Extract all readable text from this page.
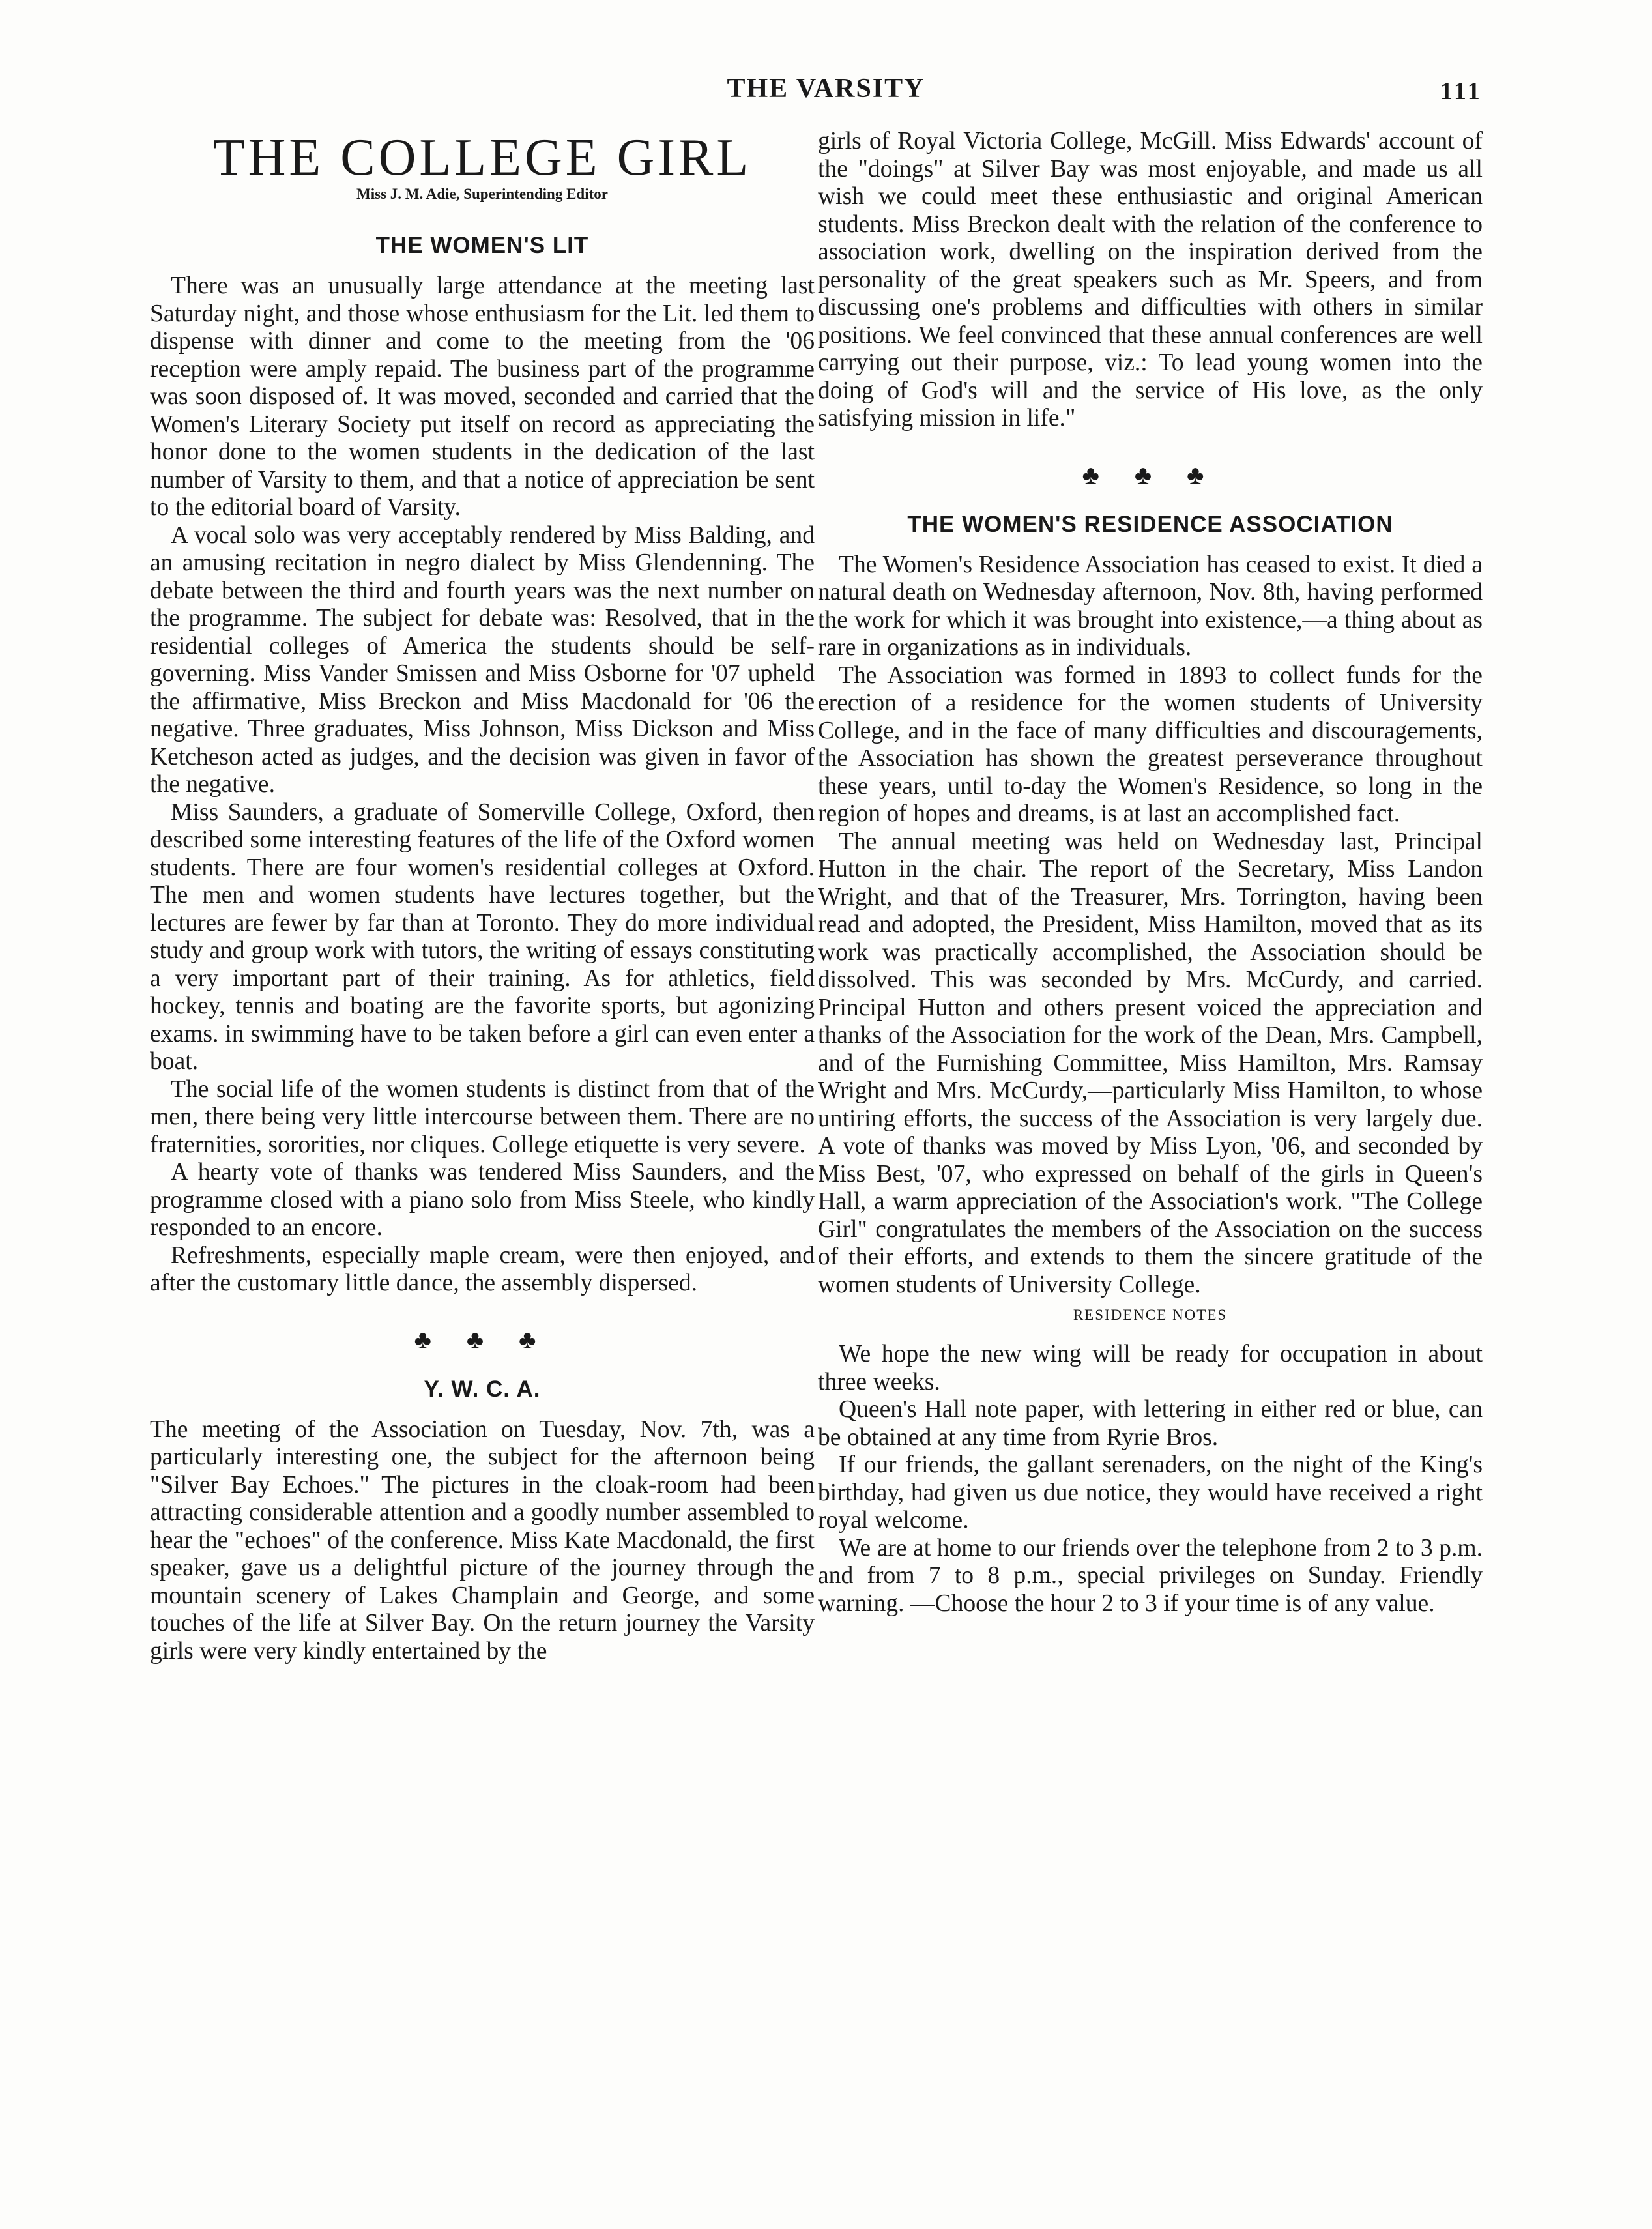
THE VARSITY	111
THE COLLEGE GIRL
Miss J. M. Adie, Superintending Editor
THE WOMEN'S LIT

There was an unusually large attendance at the meeting last Saturday night, and those whose enthusiasm for the Lit. led them to dispense with dinner and come to the meeting from the '06 reception were amply repaid. The business part of the programme was soon disposed of. It was moved, seconded and carried that the Women's Literary Society put itself on record as appreciating the honor done to the women students in the dedication of the last number of Varsity to them, and that a notice of appreciation be sent to the editorial board of Varsity.

A vocal solo was very acceptably rendered by Miss Balding, and an amusing recitation in negro dialect by Miss Glendenning. The debate between the third and fourth years was the next number on the programme. The subject for debate was: Resolved, that in the residential colleges of America the students should be self-governing. Miss Vander Smissen and Miss Osborne for '07 upheld the affirmative, Miss Breckon and Miss Macdonald for '06 the negative. Three graduates, Miss Johnson, Miss Dickson and Miss Ketcheson acted as judges, and the decision was given in favor of the negative.

Miss Saunders, a graduate of Somerville College, Oxford, then described some interesting features of the life of the Oxford women students. There are four women's residential colleges at Oxford. The men and women students have lectures together, but the lectures are fewer by far than at Toronto. They do more individual study and group work with tutors, the writing of essays constituting a very important part of their training. As for athletics, field hockey, tennis and boating are the favorite sports, but agonizing exams. in swimming have to be taken before a girl can even enter a boat.

The social life of the women students is distinct from that of the men, there being very little intercourse between them. There are no fraternities, sororities, nor cliques. College etiquette is very severe.

A hearty vote of thanks was tendered Miss Saunders, and the programme closed with a piano solo from Miss Steele, who kindly responded to an encore.

Refreshments, especially maple cream, were then enjoyed, and after the customary little dance, the assembly dispersed.

♣ ♣ ♣
Y. W. C. A.

The meeting of the Association on Tuesday, Nov. 7th, was a particularly interesting one, the subject for the afternoon being "Silver Bay Echoes." The pictures in the cloak-room had been attracting considerable attention and a goodly number assembled to hear the "echoes" of the conference. Miss Kate Macdonald, the first speaker, gave us a delightful picture of the journey through the mountain scenery of Lakes Champlain and George, and some touches of the life at Silver Bay. On the return journey the Varsity girls were very kindly entertained by the

girls of Royal Victoria College, McGill. Miss Edwards' account of the "doings" at Silver Bay was most enjoyable, and made us all wish we could meet these enthusiastic and original American students. Miss Breckon dealt with the relation of the conference to association work, dwelling on the inspiration derived from the personality of the great speakers such as Mr. Speers, and from discussing one's problems and difficulties with others in similar positions. We feel convinced that these annual conferences are well carrying out their purpose, viz.: To lead young women into the doing of God's will and the service of His love, as the only satisfying mission in life."

♣ ♣ ♣
THE WOMEN'S RESIDENCE ASSOCIATION

The Women's Residence Association has ceased to exist. It died a natural death on Wednesday afternoon, Nov. 8th, having performed the work for which it was brought into existence,—a thing about as rare in organizations as in individuals.

The Association was formed in 1893 to collect funds for the erection of a residence for the women students of University College, and in the face of many difficulties and discouragements, the Association has shown the greatest perseverance throughout these years, until to-day the Women's Residence, so long in the region of hopes and dreams, is at last an accomplished fact.

The annual meeting was held on Wednesday last, Principal Hutton in the chair. The report of the Secretary, Miss Landon Wright, and that of the Treasurer, Mrs. Torrington, having been read and adopted, the President, Miss Hamilton, moved that as its work was practically accomplished, the Association should be dissolved. This was seconded by Mrs. McCurdy, and carried. Principal Hutton and others present voiced the appreciation and thanks of the Association for the work of the Dean, Mrs. Campbell, and of the Furnishing Committee, Miss Hamilton, Mrs. Ramsay Wright and Mrs. McCurdy,—particularly Miss Hamilton, to whose untiring efforts, the success of the Association is very largely due. A vote of thanks was moved by Miss Lyon, '06, and seconded by Miss Best, '07, who expressed on behalf of the girls in Queen's Hall, a warm appreciation of the Association's work. "The College Girl" congratulates the members of the Association on the success of their efforts, and extends to them the sincere gratitude of the women students of University College.

RESIDENCE NOTES

We hope the new wing will be ready for occupation in about three weeks.

Queen's Hall note paper, with lettering in either red or blue, can be obtained at any time from Ryrie Bros.

If our friends, the gallant serenaders, on the night of the King's birthday, had given us due notice, they would have received a right royal welcome.

We are at home to our friends over the telephone from 2 to 3 p.m. and from 7 to 8 p.m., special privileges on Sunday. Friendly warning. —Choose the hour 2 to 3 if your time is of any value.
